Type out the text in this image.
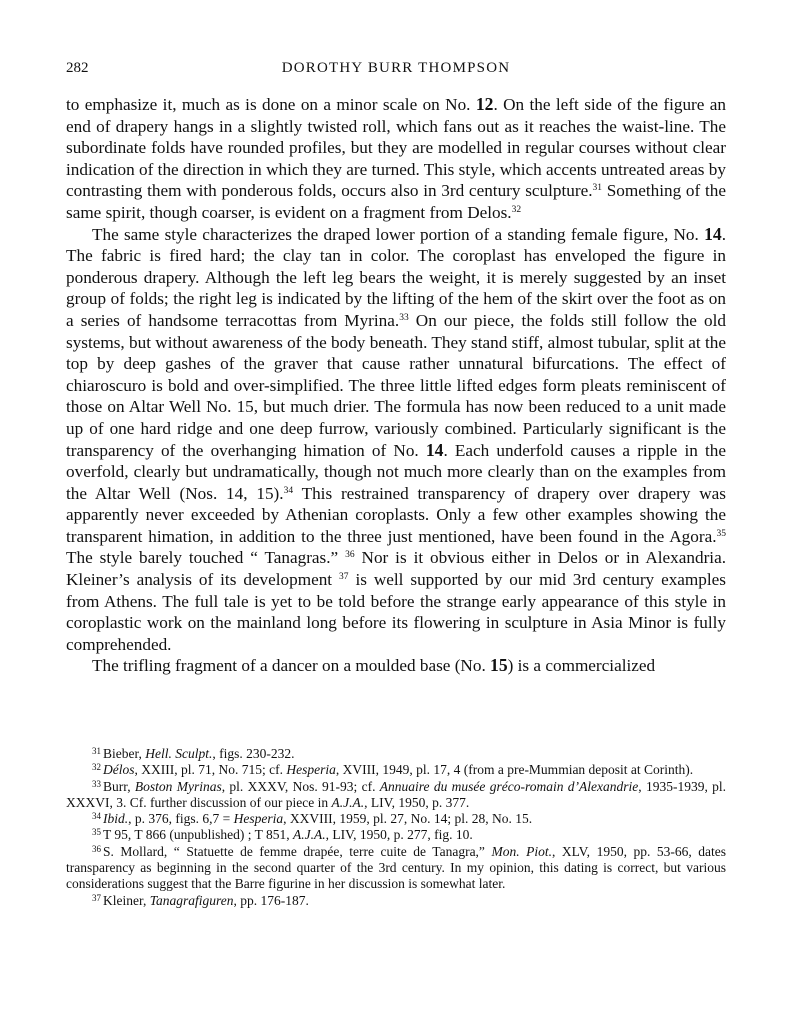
282	DOROTHY BURR THOMPSON

to emphasize it, much as is done on a minor scale on No. 12. On the left side of the figure an end of drapery hangs in a slightly twisted roll, which fans out as it reaches the waist-line. The subordinate folds have rounded profiles, but they are modelled in regular courses without clear indication of the direction in which they are turned. This style, which accents untreated areas by contrasting them with ponderous folds, occurs also in 3rd century sculpture.$^{31}$ Something of the same spirit, though coarser, is evident on a fragment from Delos.$^{32}$

The same style characterizes the draped lower portion of a standing female figure, No. 14. The fabric is fired hard; the clay tan in color. The coroplast has enveloped the figure in ponderous drapery. Although the left leg bears the weight, it is merely suggested by an inset group of folds; the right leg is indicated by the lifting of the hem of the skirt over the foot as on a series of handsome terracottas from Myrina.$^{33}$ On our piece, the folds still follow the old systems, but without awareness of the body beneath. They stand stiff, almost tubular, split at the top by deep gashes of the graver that cause rather unnatural bifurcations. The effect of chiaroscuro is bold and over-simplified. The three little lifted edges form pleats reminiscent of those on Altar Well No. 15, but much drier. The formula has now been reduced to a unit made up of one hard ridge and one deep furrow, variously combined. Particularly significant is the transparency of the overhanging himation of No. 14. Each underfold causes a ripple in the overfold, clearly but undramatically, though not much more clearly than on the examples from the Altar Well (Nos. 14, 15).$^{34}$ This restrained transparency of drapery over drapery was apparently never exceeded by Athenian coroplasts. Only a few other examples showing the transparent himation, in addition to the three just mentioned, have been found in the Agora.$^{35}$ The style barely touched “ Tanagras.” $^{36}$ Nor is it obvious either in Delos or in Alexandria. Kleiner’s analysis of its development $^{37}$ is well supported by our mid 3rd century examples from Athens. The full tale is yet to be told before the strange early appearance of this style in coroplastic work on the mainland long before its flowering in sculpture in Asia Minor is fully comprehended.

The trifling fragment of a dancer on a moulded base (No. 15) is a commercialized

$^{31}$ Bieber, Hell. Sculpt., figs. 230-232.

$^{32}$ Délos, XXIII, pl. 71, No. 715; cf. Hesperia, XVIII, 1949, pl. 17, 4 (from a pre-Mummian deposit at Corinth).

$^{33}$ Burr, Boston Myrinas, pl. XXXV, Nos. 91-93; cf. Annuaire du musée gréco-romain d’Alexandrie, 1935-1939, pl. XXXVI, 3. Cf. further discussion of our piece in A.J.A., LIV, 1950, p. 377.

$^{34}$ Ibid., p. 376, figs. 6,7 = Hesperia, XXVIII, 1959, pl. 27, No. 14; pl. 28, No. 15.

$^{35}$ T 95, T 866 (unpublished) ; T 851, A.J.A., LIV, 1950, p. 277, fig. 10.

$^{36}$ S. Mollard, “ Statuette de femme drapée, terre cuite de Tanagra,” Mon. Piot., XLV, 1950, pp. 53-66, dates transparency as beginning in the second quarter of the 3rd century. In my opinion, this dating is correct, but various considerations suggest that the Barre figurine in her discussion is somewhat later.

$^{37}$ Kleiner, Tanagrafiguren, pp. 176-187.
